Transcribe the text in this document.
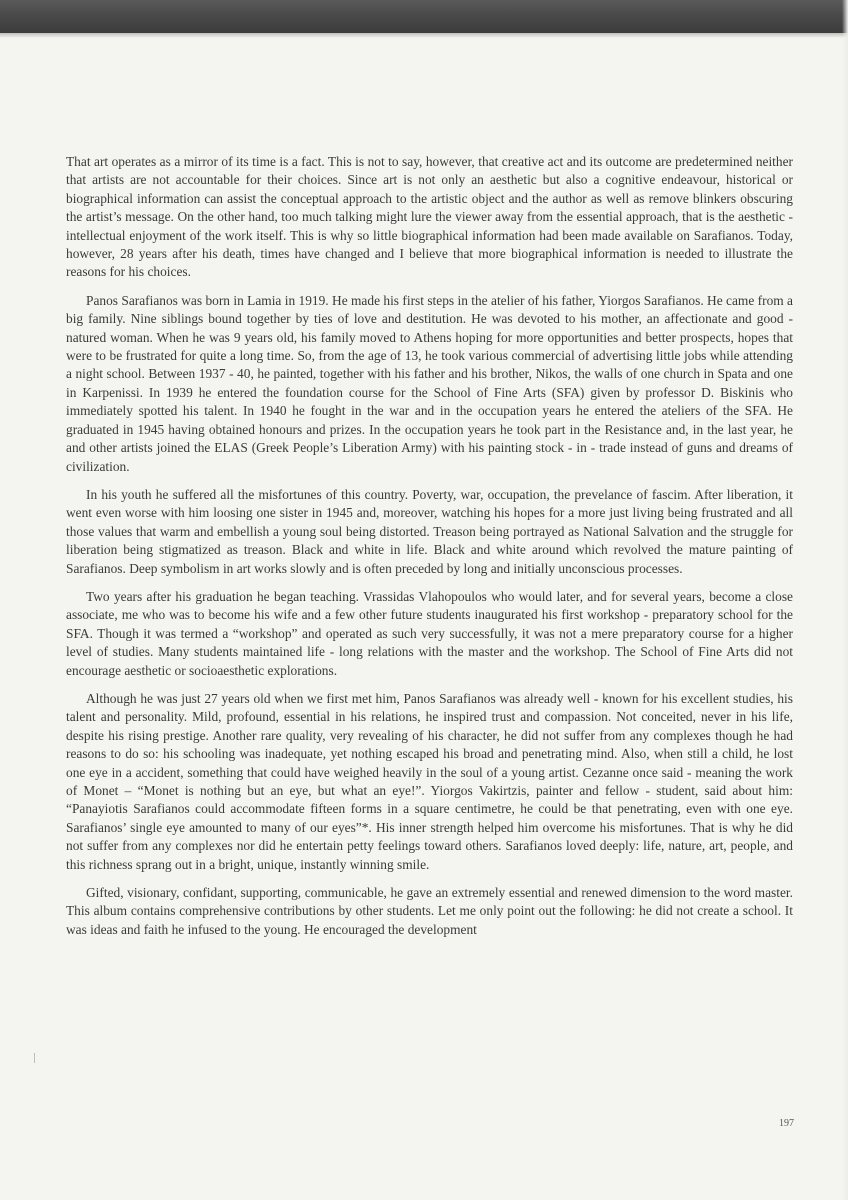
That art operates as a mirror of its time is a fact. This is not to say, however, that creative act and its outcome are predetermined neither that artists are not accountable for their choices. Since art is not only an aesthetic but also a cognitive endeavour, historical or biographical information can assist the conceptual approach to the artistic object and the author as well as remove blinkers obscuring the artist’s message. On the other hand, too much talking might lure the viewer away from the essential approach, that is the aesthetic - intellectual enjoyment of the work itself. This is why so little biographical information had been made available on Sarafianos. Today, however, 28 years after his death, times have changed and I believe that more biographical information is needed to illustrate the reasons for his choices.

Panos Sarafianos was born in Lamia in 1919. He made his first steps in the atelier of his father, Yiorgos Sarafianos. He came from a big family. Nine siblings bound together by ties of love and destitution. He was devoted to his mother, an affectionate and good - natured woman. When he was 9 years old, his family moved to Athens hoping for more opportunities and better prospects, hopes that were to be frustrated for quite a long time. So, from the age of 13, he took various commercial of advertising little jobs while attending a night school. Between 1937 - 40, he painted, together with his father and his brother, Nikos, the walls of one church in Spata and one in Karpenissi. In 1939 he entered the foundation course for the School of Fine Arts (SFA) given by professor D. Biskinis who immediately spotted his talent. In 1940 he fought in the war and in the occupation years he entered the ateliers of the SFA. He graduated in 1945 having obtained honours and prizes. In the occupation years he took part in the Resistance and, in the last year, he and other artists joined the ELAS (Greek People’s Liberation Army) with his painting stock - in - trade instead of guns and dreams of civilization.

In his youth he suffered all the misfortunes of this country. Poverty, war, occupation, the prevelance of fascim. After liberation, it went even worse with him loosing one sister in 1945 and, moreover, watching his hopes for a more just living being frustrated and all those values that warm and embellish a young soul being distorted. Treason being portrayed as National Salvation and the struggle for liberation being stigmatized as treason. Black and white in life. Black and white around which revolved the mature painting of Sarafianos. Deep symbolism in art works slowly and is often preceded by long and initially unconscious processes.

Two years after his graduation he began teaching. Vrassidas Vlahopoulos who would later, and for several years, become a close associate, me who was to become his wife and a few other future students inaugurated his first workshop - preparatory school for the SFA. Though it was termed a “workshop” and operated as such very successfully, it was not a mere preparatory course for a higher level of studies. Many students maintained life - long relations with the master and the workshop. The School of Fine Arts did not encourage aesthetic or socioaesthetic explorations.

Although he was just 27 years old when we first met him, Panos Sarafianos was already well - known for his excellent studies, his talent and personality. Mild, profound, essential in his relations, he inspired trust and compassion. Not conceited, never in his life, despite his rising prestige. Another rare quality, very revealing of his character, he did not suffer from any complexes though he had reasons to do so: his schooling was inadequate, yet nothing escaped his broad and penetrating mind. Also, when still a child, he lost one eye in a accident, something that could have weighed heavily in the soul of a young artist. Cezanne once said - meaning the work of Monet – “Monet is nothing but an eye, but what an eye!”. Yiorgos Vakirtzis, painter and fellow - student, said about him: “Panayiotis Sarafianos could accommodate fifteen forms in a square centimetre, he could be that penetrating, even with one eye. Sarafianos’ single eye amounted to many of our eyes”*. His inner strength helped him overcome his misfortunes. That is why he did not suffer from any complexes nor did he entertain petty feelings toward others. Sarafianos loved deeply: life, nature, art, people, and this richness sprang out in a bright, unique, instantly winning smile.

Gifted, visionary, confidant, supporting, communicable, he gave an extremely essential and renewed dimension to the word master. This album contains comprehensive contributions by other students. Let me only point out the following: he did not create a school. It was ideas and faith he infused to the young. He encouraged the development

197
